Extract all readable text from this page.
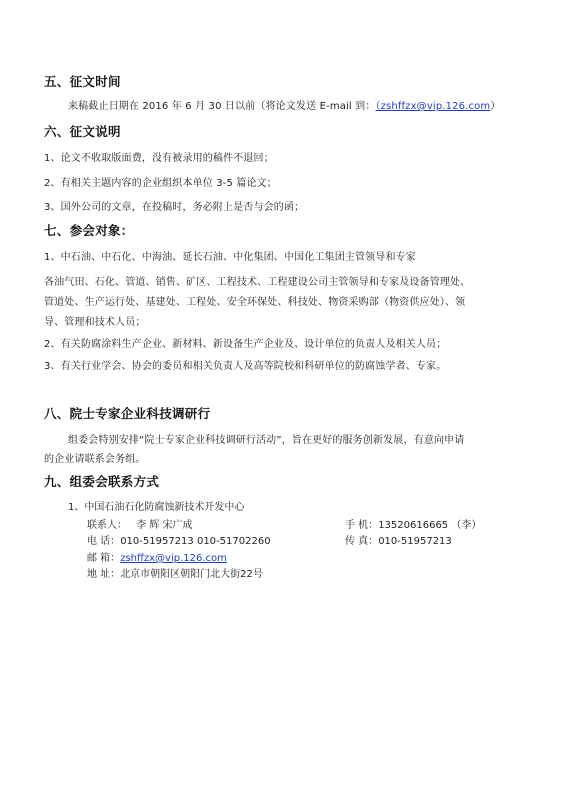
五、征文时间
来稿截止日期在 2016 年 6 月 30 日以前（将论文发送 E-mail 到：（zshffzx@vip.126.com）
六、征文说明
1、论文不收取版面费，没有被录用的稿件不退回；
2、有相关主题内容的企业组织本单位 3-5 篇论文；
3、国外公司的文章，在投稿时，务必附上是否与会的函；
七、参会对象：
1、中石油、中石化、中海油、延长石油、中化集团、中国化工集团主管领导和专家
各油气田、石化、管道、销售、矿区、工程技术、工程建设公司主管领导和专家及设备管理处、
管道处、生产运行处、基建处、工程处、安全环保处、科技处、物资采购部（物资供应处）、领
导、管理和技术人员；
2、有关防腐涂料生产企业、新材料、新设备生产企业及、设计单位的负责人及相关人员；
3、有关行业学会、协会的委员和相关负责人及高等院校和科研单位的防腐蚀学者、专家。
八、院士专家企业科技调研行
组委会特别安排“院士专家企业科技调研行活动”，旨在更好的服务创新发展，有意向申请
的企业请联系会务组。
九、组委会联系方式
1、中国石油石化防腐蚀新技术开发中心
联系人： 李 辉 宋广成	手 机：13520616665 （李）
电 话：010-51957213 010-51702260	传 真：010-51957213
邮 箱：zshffzx@vip.126.com
地 址：北京市朝阳区朝阳门北大街22号
